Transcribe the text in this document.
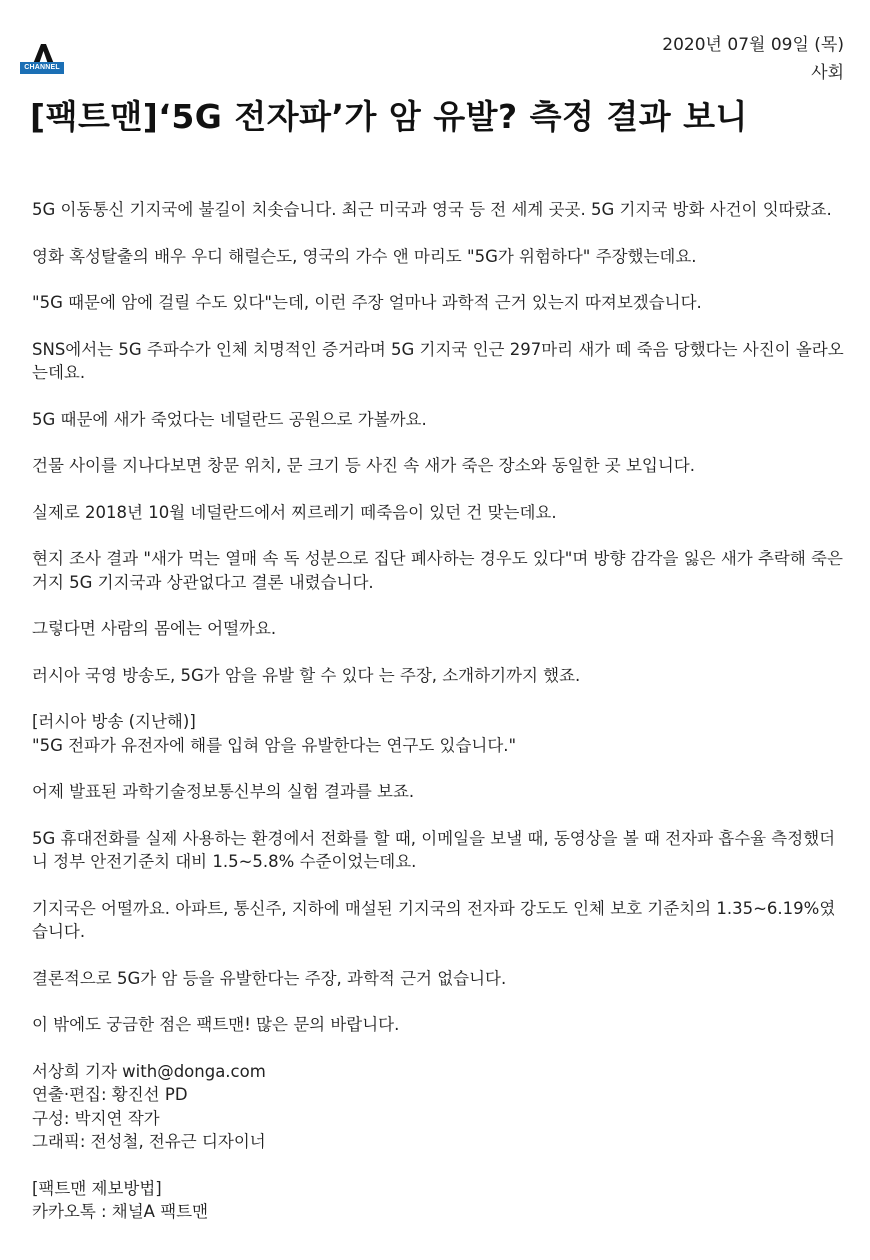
CHANNEL
2020년 07월 09일 (목)
사회
[팩트맨]‘5G 전자파’가 암 유발? 측정 결과 보니

5G 이동통신 기지국에 불길이 치솟습니다. 최근 미국과 영국 등 전 세계 곳곳. 5G 기지국 방화 사건이 잇따랐죠.

영화 혹성탈출의 배우 우디 해럴슨도, 영국의 가수 앤 마리도 "5G가 위험하다" 주장했는데요.

"5G 때문에 암에 걸릴 수도 있다"는데, 이런 주장 얼마나 과학적 근거 있는지 따져보겠습니다.

SNS에서는 5G 주파수가 인체 치명적인 증거라며 5G 기지국 인근 297마리 새가 떼 죽음 당했다는 사진이 올라오는데요.

5G 때문에 새가 죽었다는 네덜란드 공원으로 가볼까요.

건물 사이를 지나다보면 창문 위치, 문 크기 등 사진 속 새가 죽은 장소와 동일한 곳 보입니다.

실제로 2018년 10월 네덜란드에서 찌르레기 떼죽음이 있던 건 맞는데요.

현지 조사 결과 "새가 먹는 열매 속 독 성분으로 집단 폐사하는 경우도 있다"며 방향 감각을 잃은 새가 추락해 죽은 거지 5G 기지국과 상관없다고 결론 내렸습니다.

그렇다면 사람의 몸에는 어떨까요.

러시아 국영 방송도, 5G가 암을 유발 할 수 있다 는 주장, 소개하기까지 했죠.

[러시아 방송 (지난해)]

"5G 전파가 유전자에 해를 입혀 암을 유발한다는 연구도 있습니다."

어제 발표된 과학기술정보통신부의 실험 결과를 보죠.

5G 휴대전화를 실제 사용하는 환경에서 전화를 할 때, 이메일을 보낼 때, 동영상을 볼 때 전자파 흡수율 측정했더니 정부 안전기준치 대비 1.5~5.8% 수준이었는데요.

기지국은 어떨까요. 아파트, 통신주, 지하에 매설된 기지국의 전자파 강도도 인체 보호 기준치의 1.35~6.19%였습니다.

결론적으로 5G가 암 등을 유발한다는 주장, 과학적 근거 없습니다.

이 밖에도 궁금한 점은 팩트맨! 많은 문의 바랍니다.

서상희 기자 with@donga.com

연출·편집: 황진선 PD

구성: 박지연 작가

그래픽: 전성철, 전유근 디자이너

[팩트맨 제보방법]

카카오톡 : 채널A 팩트맨
